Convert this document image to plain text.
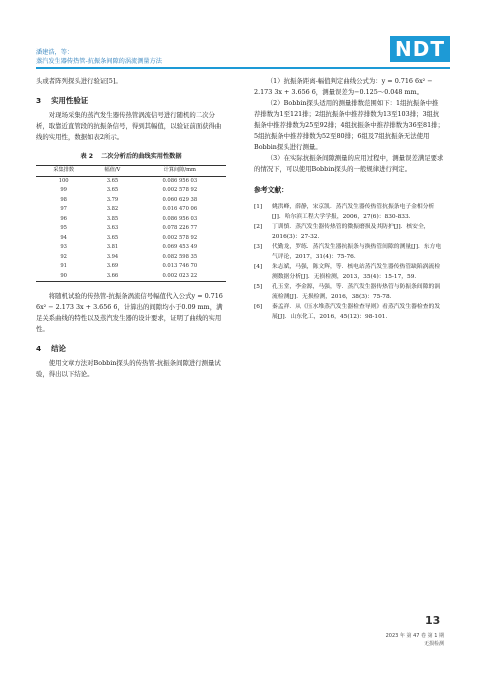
潘建浩，等：
蒸汽发生器传热管-抗振条间隙的涡流测量方法
NDT

头或者阵列探头进行验证[5]。

3 实用性验证

对现场采集的蒸汽发生器传热管涡流信号进行随机的二次分析，取靠近直管段的抗振条信号，得到其幅值，以验证前面获得曲线的实用性，数据如表2所示。

表 2 二次分析后的曲线实用性数据
采集排数	幅值/V	计算间隙/mm
100	3.65	0.086 956 03
99	3.65	0.002 578 92
98	3.79	0.060 629 38
97	3.82	0.016 470 06
96	3.85	0.086 956 03
95	3.63	0.078 226 77
94	3.65	0.002 578 92
93	3.81	0.069 453 49
92	3.94	0.082 598 35
91	3.69	0.013 746 70
90	3.66	0.002 023 22

将随机试验的传热管-抗振条涡流信号幅值代入公式y = 0.716 6x² − 2.173 3x + 3.656 6，计算出的间隙均小于0.09 mm，满足关系曲线的特性以及蒸汽发生器的设计要求，证明了曲线的实用性。

4 结论

使用文章方法对Bobbin探头的传热管-抗振条间隙进行测量试验，得出以下结论。

（1）抗振条距离-幅值判定曲线公式为：y = 0.716 6x² − 2.173 3x + 3.656 6，测量误差为−0.125～0.048 mm。

（2）Bobbin探头适用的测量排数范围如下：1组抗振条中推荐排数为1至121排；2组抗振条中推荐排数为13至103排；3组抗振条中推荐排数为25至92排；4组抗振条中推荐排数为36至81排；5组抗振条中推荐排数为52至80排；6组及7组抗振条无法使用Bobbin探头进行测量。

（3）在实际抗振条间隙测量的应用过程中，测量误差满足要求的情况下，可以使用Bobbin探头的一般规律进行判定。

参考文献：
[1]	姚洪峰，薛静，宋京凯．蒸汽发生器传热管抗振条电子金相分析[J]．哈尔滨工程大学学报，2006，27(6)：830-833．
[2]	丁训慎．蒸汽发生器传热管的微振磨损及其防护[J]．核安全，2016(3)：27-32．
[3]	代勤龙，罗练．蒸汽发生器抗振条与换热管间隙的测量[J]．东方电气评论，2017，31(4)：75-76．
[4]	朱志斌，马强，陈文辉，等．核电站蒸汽发生器传热管缺陷涡流检测数据分析[J]．无损检测，2013，35(4)：15-17，59．
[5]	孔玉堂，李金源，马强，等．蒸汽发生器传热管与防振条间隙的涡流检测[J]．无损检测，2016，38(3)：75-78．
[6]	秦孟祥．从《压水堆蒸汽发生器检查导则》看蒸汽发生器检查的发展[J]．山东化工，2016，45(12)：98-101．
13
2023 年 第 47 卷 第 1 期
无损检测
